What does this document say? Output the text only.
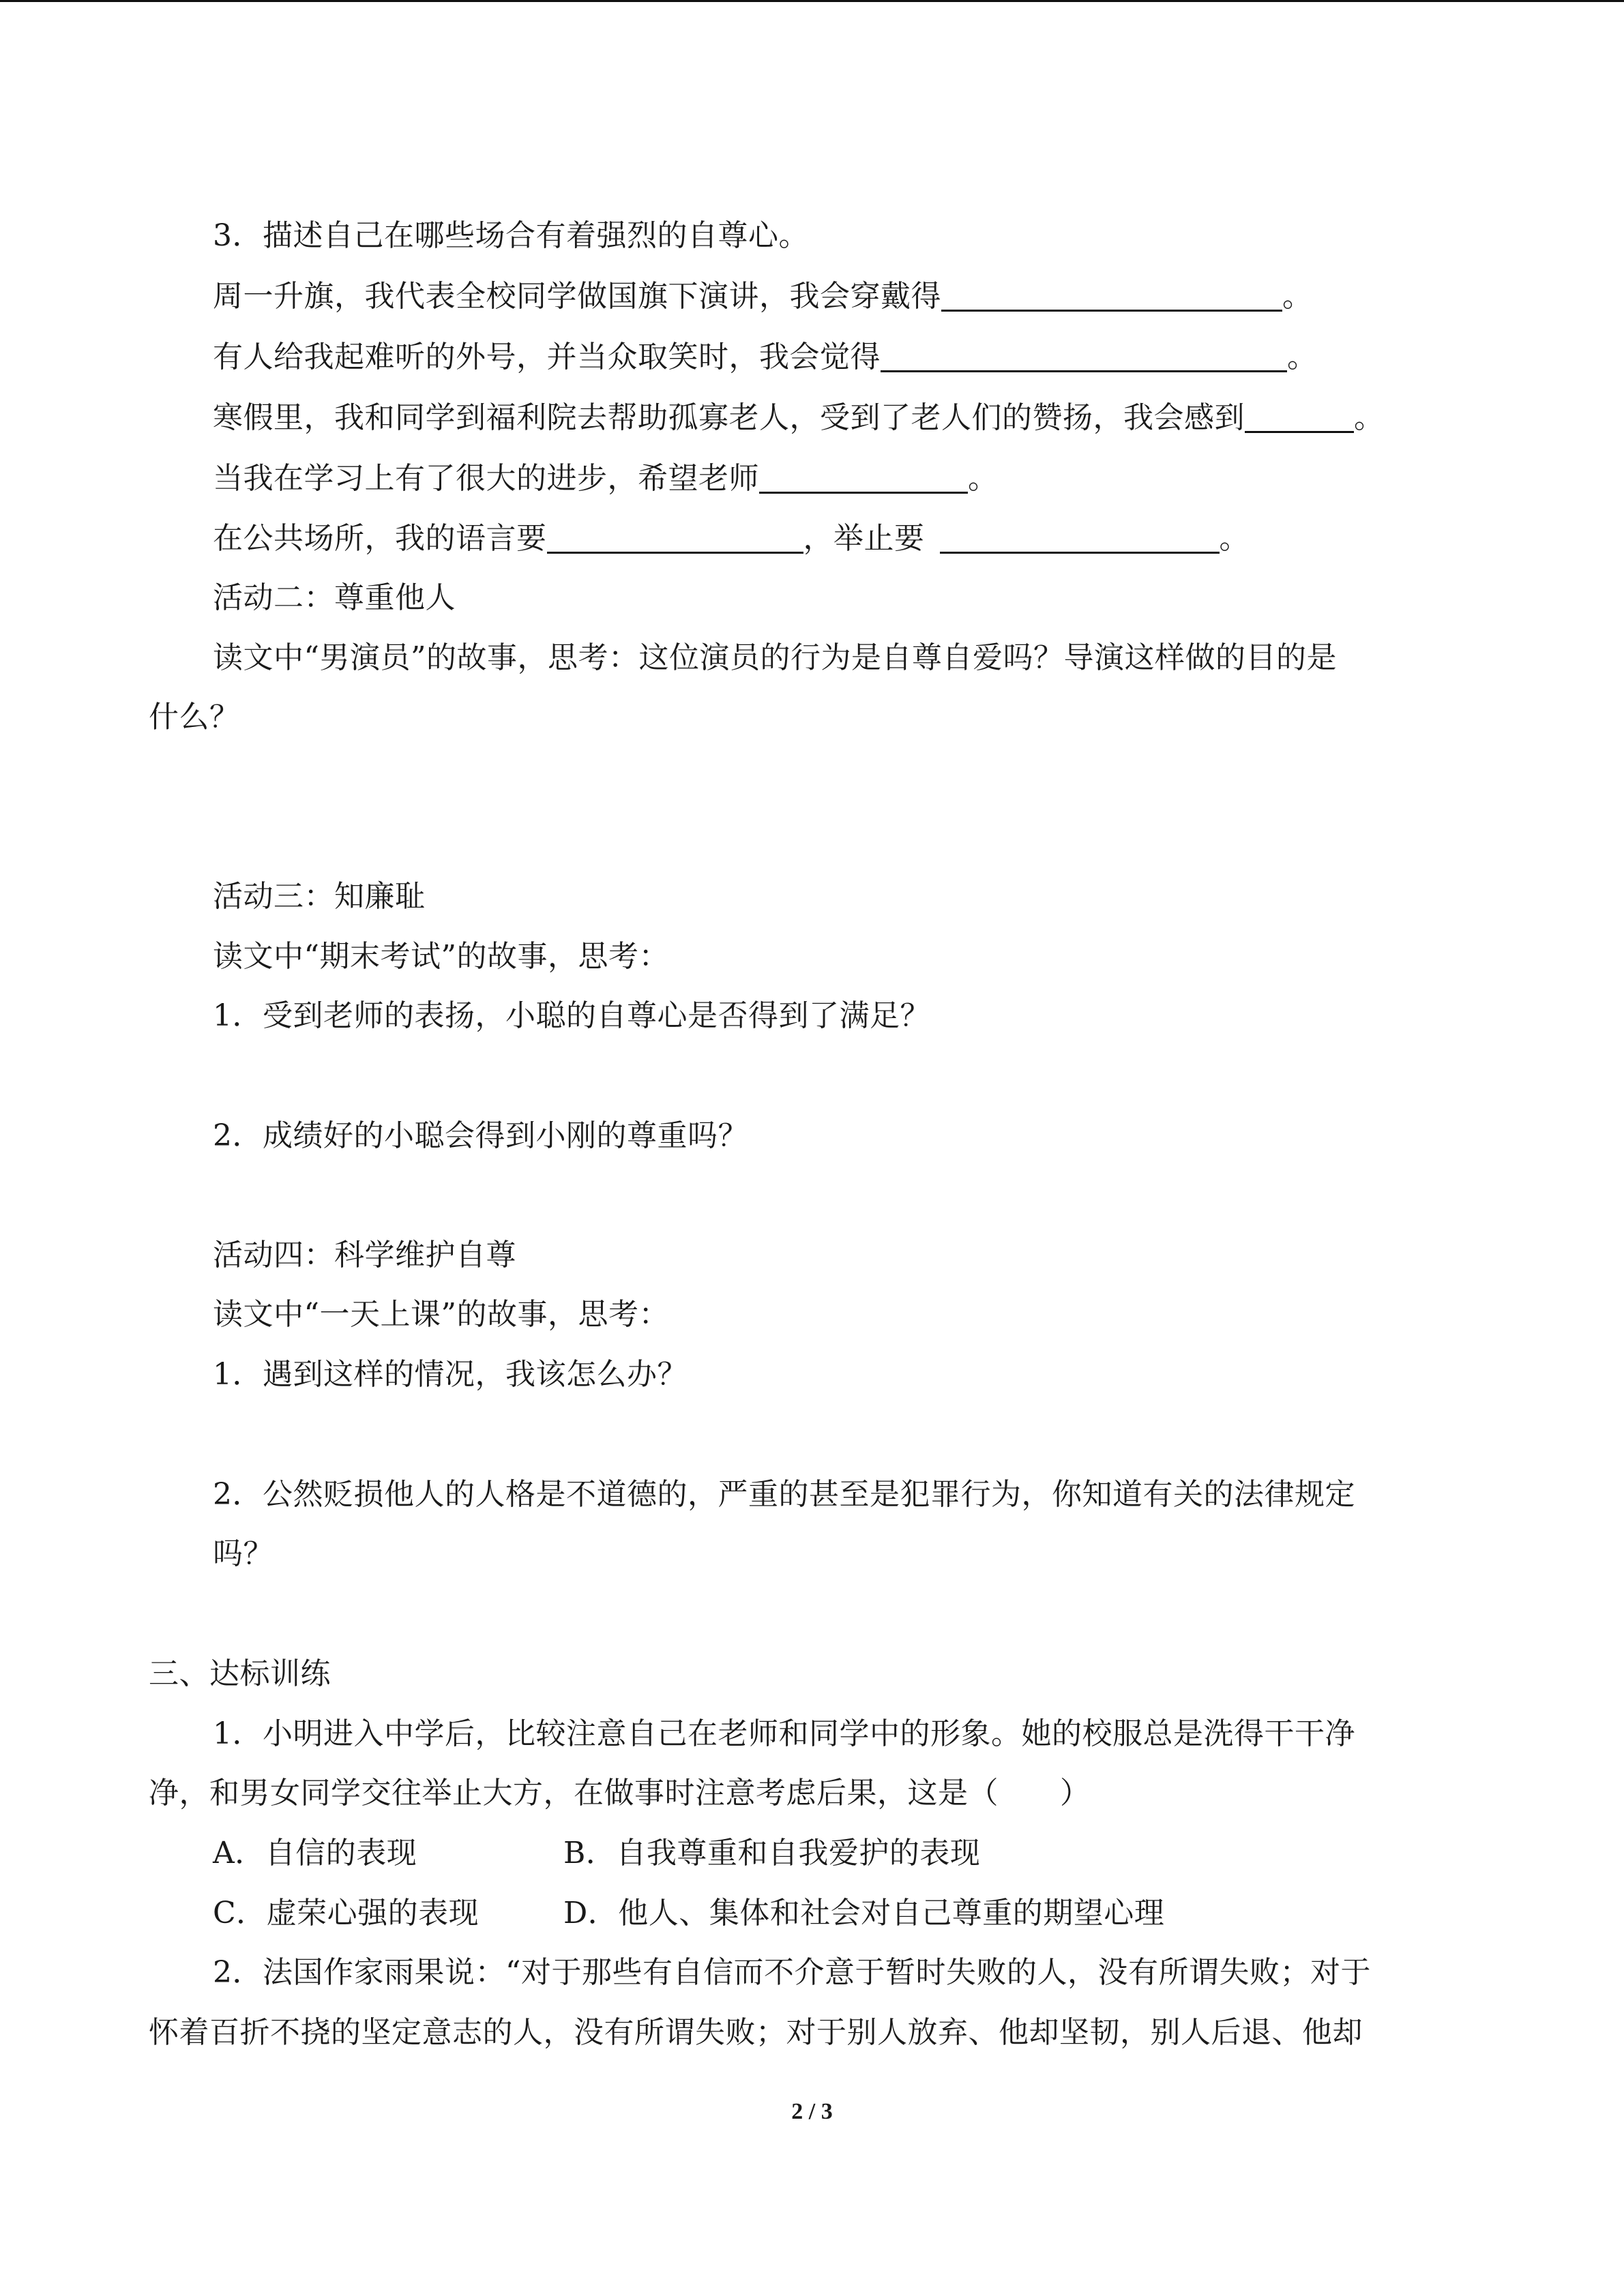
3．描述自己在哪些场合有着强烈的自尊心。
周一升旗，我代表全校同学做国旗下演讲，我会穿戴得	。
有人给我起难听的外号，并当众取笑时，我会觉得	。
寒假里，我和同学到福利院去帮助孤寡老人，受到了老人们的赞扬，我会感到	。
当我在学习上有了很大的进步，希望老师	。
在公共场所，我的语言要	，举止要	。
活动二：尊重他人
读文中“男演员”的故事，思考：这位演员的行为是自尊自爱吗？导演这样做的目的是
什么？
活动三：知廉耻
读文中“期末考试”的故事，思考：
1．受到老师的表扬，小聪的自尊心是否得到了满足？
2．成绩好的小聪会得到小刚的尊重吗？
活动四：科学维护自尊
读文中“一天上课”的故事，思考：
1．遇到这样的情况，我该怎么办？
2．公然贬损他人的人格是不道德的，严重的甚至是犯罪行为，你知道有关的法律规定
吗？
三、达标训练
1．小明进入中学后，比较注意自己在老师和同学中的形象。她的校服总是洗得干干净
净，和男女同学交往举止大方，在做事时注意考虑后果，这是（ ）
A．自信的表现	B．自我尊重和自我爱护的表现
C．虚荣心强的表现	D．他人、集体和社会对自己尊重的期望心理
2．法国作家雨果说：“对于那些有自信而不介意于暂时失败的人，没有所谓失败；对于
怀着百折不挠的坚定意志的人，没有所谓失败；对于别人放弃、他却坚韧，别人后退、他却
2 / 3
